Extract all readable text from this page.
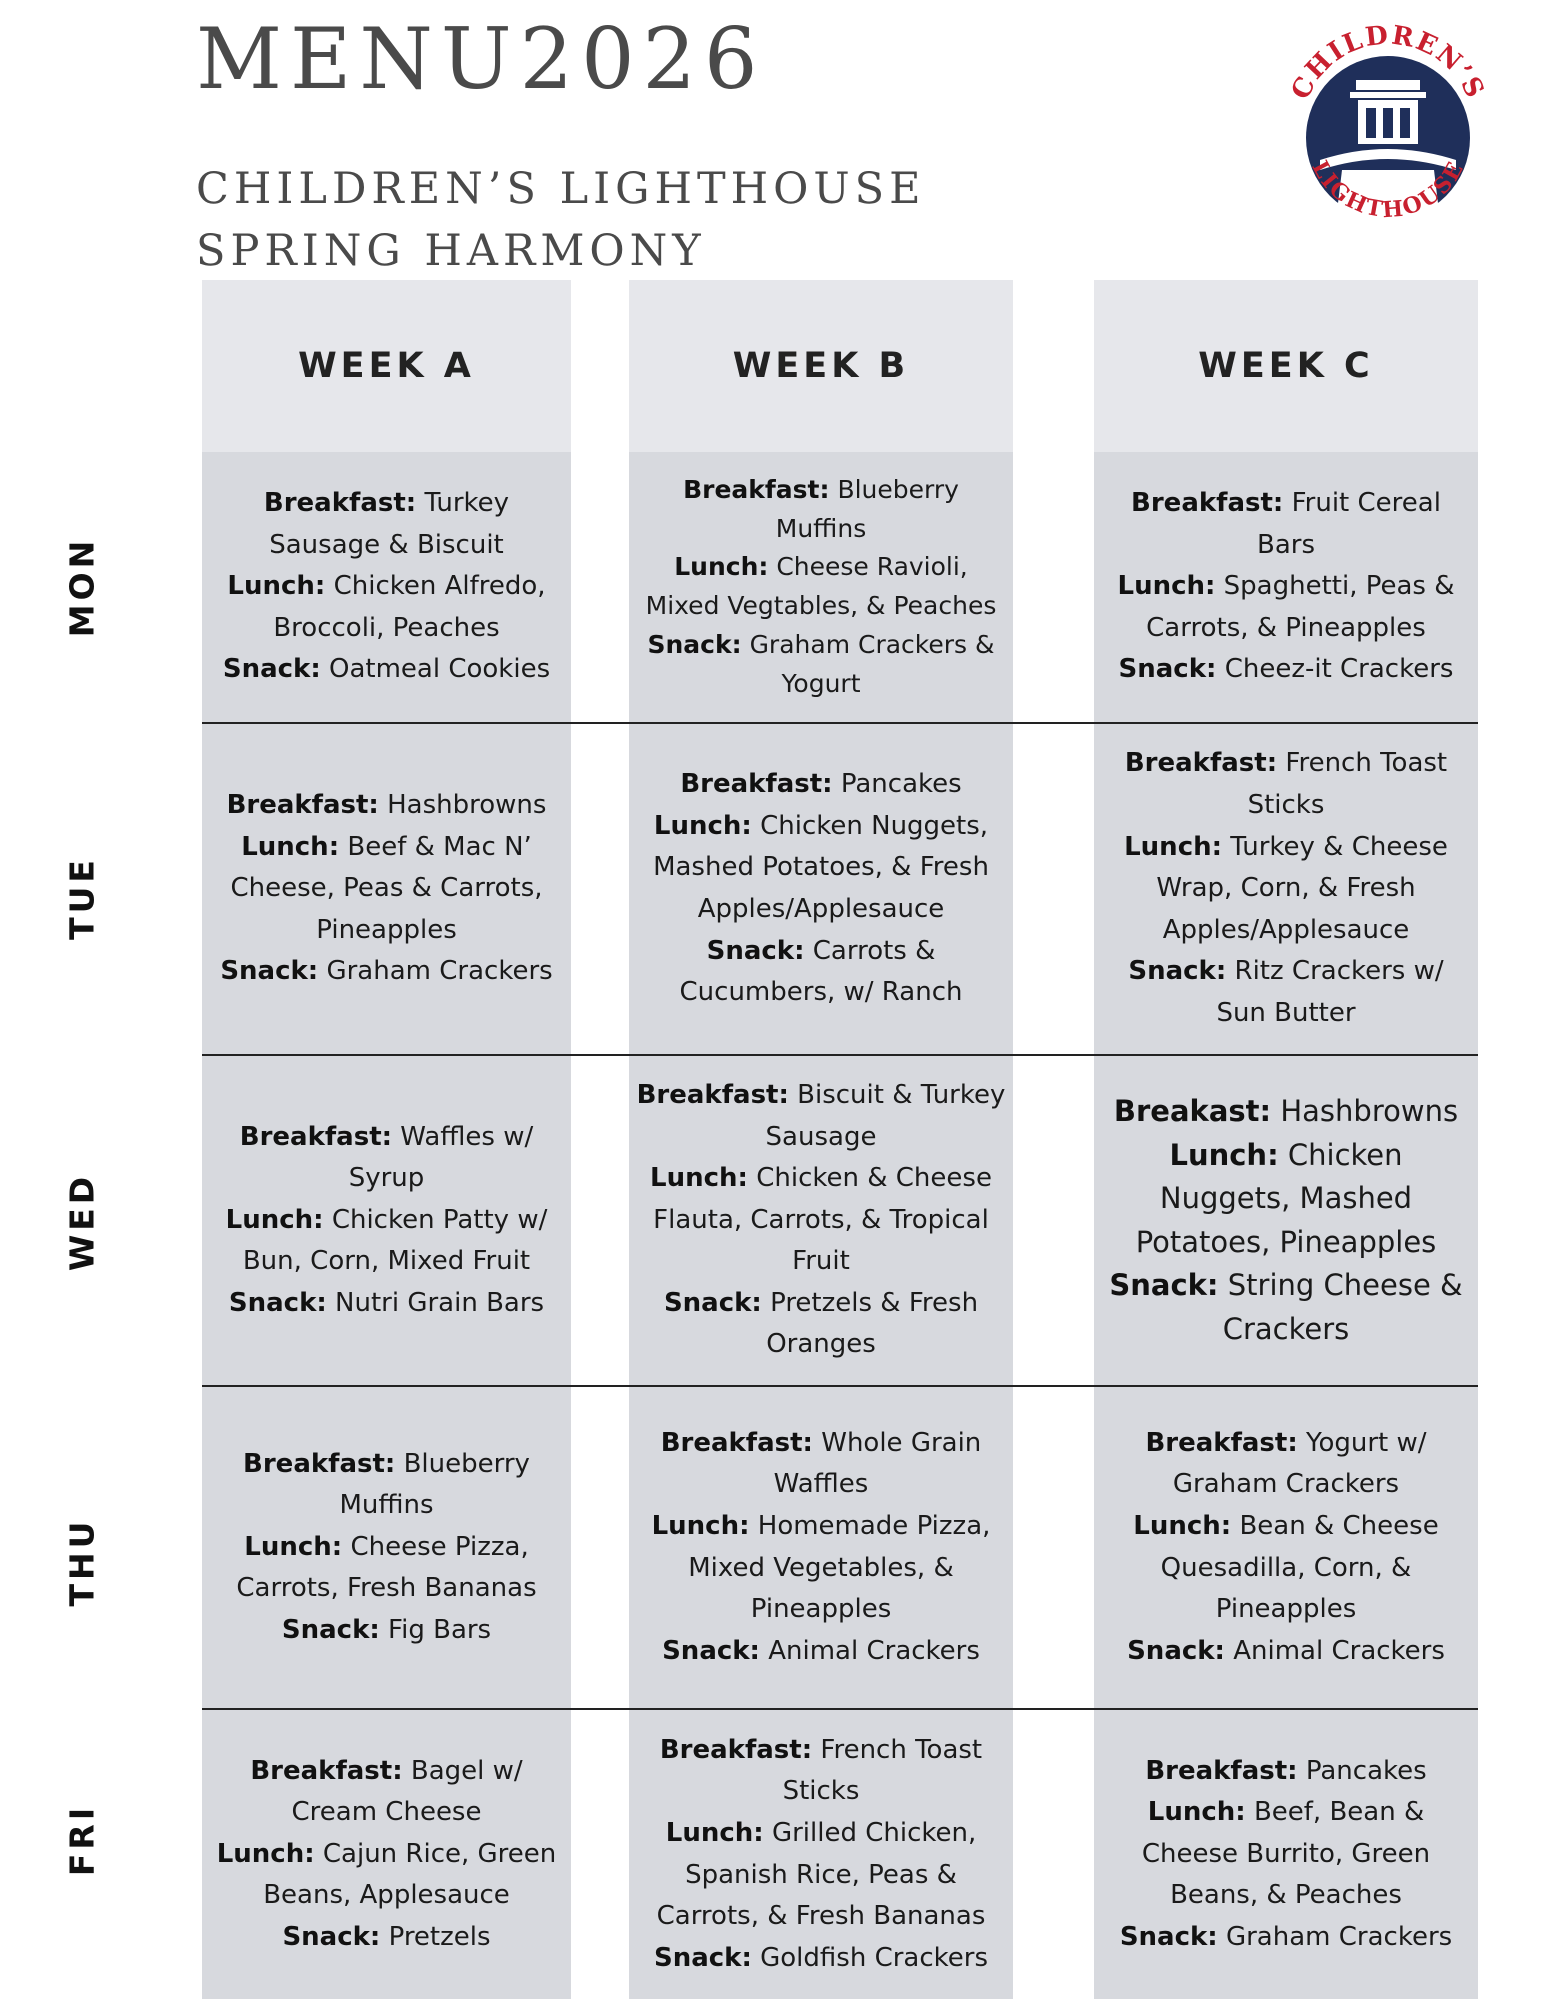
MENU2026
CHILDREN’S LIGHTHOUSE
SPRING HARMONY
CHILDREN’S
LIGHTHOUSE
WEEK A	WEEK B	WEEK C
MON
TUE
WED
THU
FRI
Breakfast: Turkey Sausage & Biscuit
Lunch: Chicken Alfredo, Broccoli, Peaches
Snack: Oatmeal Cookies
Breakfast: Blueberry Muffins
Lunch: Cheese Ravioli, Mixed Vegtables, & Peaches
Snack: Graham Crackers & Yogurt
Breakfast: Fruit Cereal Bars
Lunch: Spaghetti, Peas & Carrots, & Pineapples
Snack: Cheez-it Crackers
Breakfast: Hashbrowns
Lunch: Beef & Mac N’ Cheese, Peas & Carrots, Pineapples
Snack: Graham Crackers
Breakfast: Pancakes
Lunch: Chicken Nuggets, Mashed Potatoes, & Fresh Apples/Applesauce
Snack: Carrots & Cucumbers, w/ Ranch
Breakfast: French Toast Sticks
Lunch: Turkey & Cheese Wrap, Corn, & Fresh Apples/Applesauce
Snack: Ritz Crackers w/ Sun Butter
Breakfast: Waffles w/ Syrup
Lunch: Chicken Patty w/ Bun, Corn, Mixed Fruit
Snack: Nutri Grain Bars
Breakfast: Biscuit & Turkey Sausage
Lunch: Chicken & Cheese Flauta, Carrots, & Tropical Fruit
Snack: Pretzels & Fresh Oranges
Breakast: Hashbrowns
Lunch: Chicken Nuggets, Mashed Potatoes, Pineapples
Snack: String Cheese & Crackers
Breakfast: Blueberry Muffins
Lunch: Cheese Pizza, Carrots, Fresh Bananas
Snack: Fig Bars
Breakfast: Whole Grain Waffles
Lunch: Homemade Pizza, Mixed Vegetables, & Pineapples
Snack: Animal Crackers
Breakfast: Yogurt w/ Graham Crackers
Lunch: Bean & Cheese Quesadilla, Corn, & Pineapples
Snack: Animal Crackers
Breakfast: Bagel w/ Cream Cheese
Lunch: Cajun Rice, Green Beans, Applesauce
Snack: Pretzels
Breakfast: French Toast Sticks
Lunch: Grilled Chicken, Spanish Rice, Peas & Carrots, & Fresh Bananas
Snack: Goldfish Crackers
Breakfast: Pancakes
Lunch: Beef, Bean & Cheese Burrito, Green Beans, & Peaches
Snack: Graham Crackers
